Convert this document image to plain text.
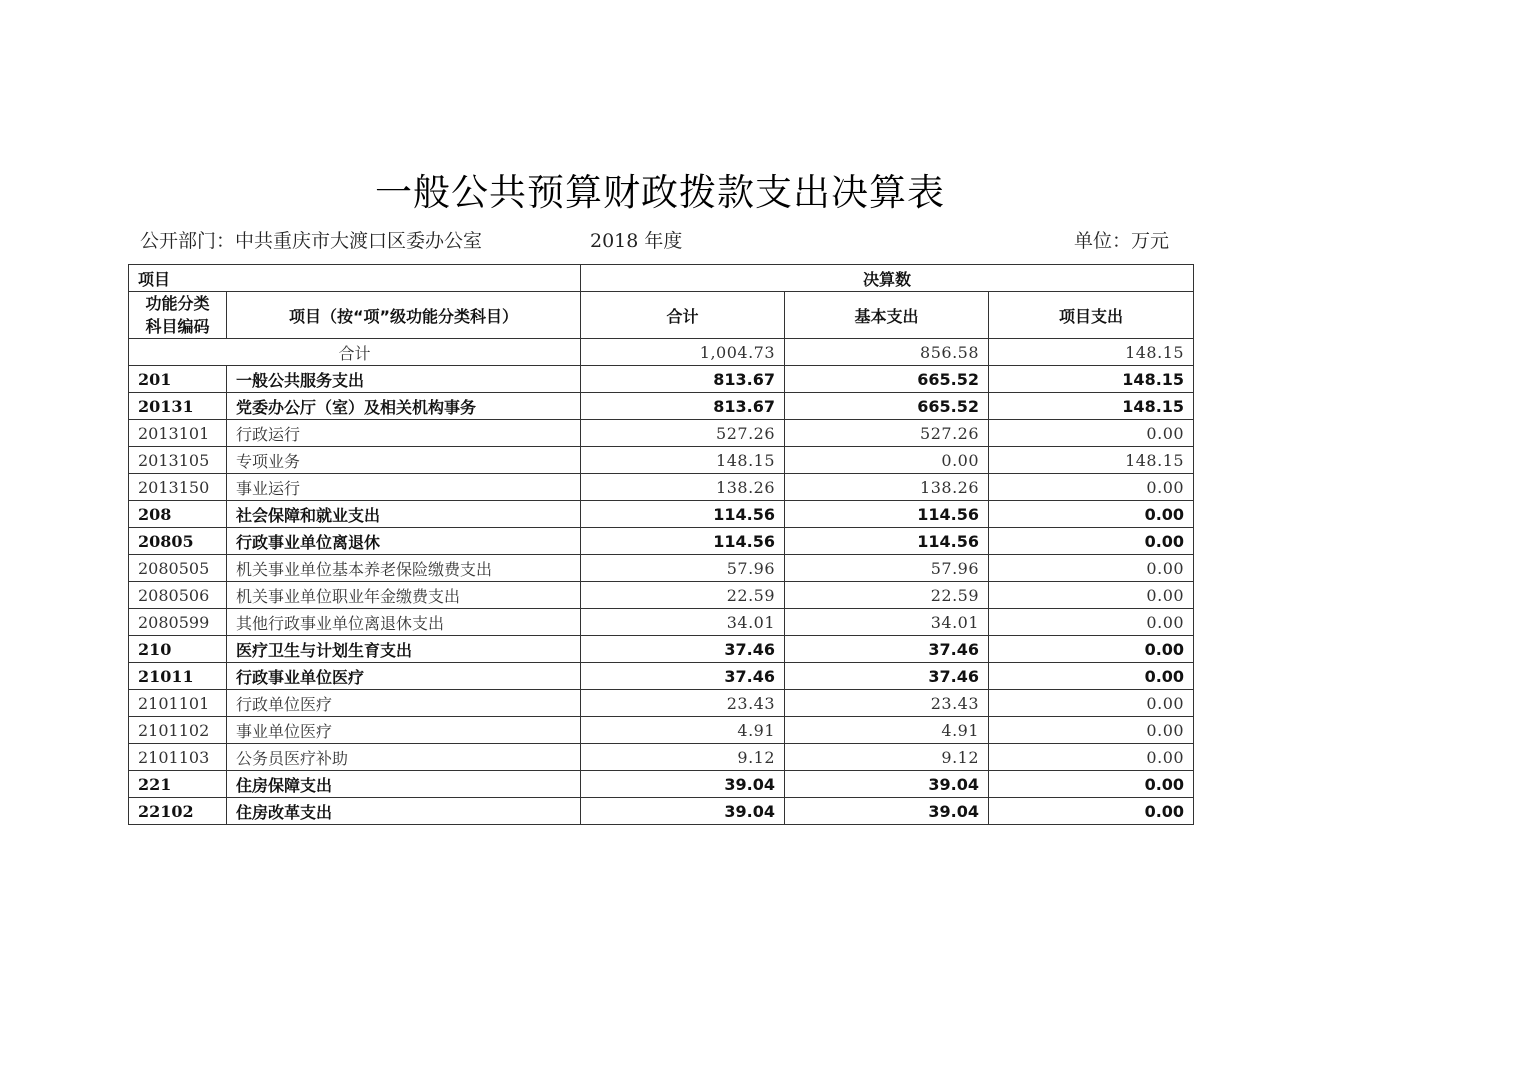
一般公共预算财政拨款支出决算表
公开部门：中共重庆市大渡口区委办公室	2018 年度	单位：万元
项目		决算数		
功能分类科目编码	项目（按“项”级功能分类科目）	合计	基本支出	项目支出
合计		1,004.73	856.58	148.15
201	一般公共服务支出	813.67	665.52	148.15
20131	党委办公厅（室）及相关机构事务	813.67	665.52	148.15
2013101	行政运行	527.26	527.26	0.00
2013105	专项业务	148.15	0.00	148.15
2013150	事业运行	138.26	138.26	0.00
208	社会保障和就业支出	114.56	114.56	0.00
20805	行政事业单位离退休	114.56	114.56	0.00
2080505	机关事业单位基本养老保险缴费支出	57.96	57.96	0.00
2080506	机关事业单位职业年金缴费支出	22.59	22.59	0.00
2080599	其他行政事业单位离退休支出	34.01	34.01	0.00
210	医疗卫生与计划生育支出	37.46	37.46	0.00
21011	行政事业单位医疗	37.46	37.46	0.00
2101101	行政单位医疗	23.43	23.43	0.00
2101102	事业单位医疗	4.91	4.91	0.00
2101103	公务员医疗补助	9.12	9.12	0.00
221	住房保障支出	39.04	39.04	0.00
22102	住房改革支出	39.04	39.04	0.00
